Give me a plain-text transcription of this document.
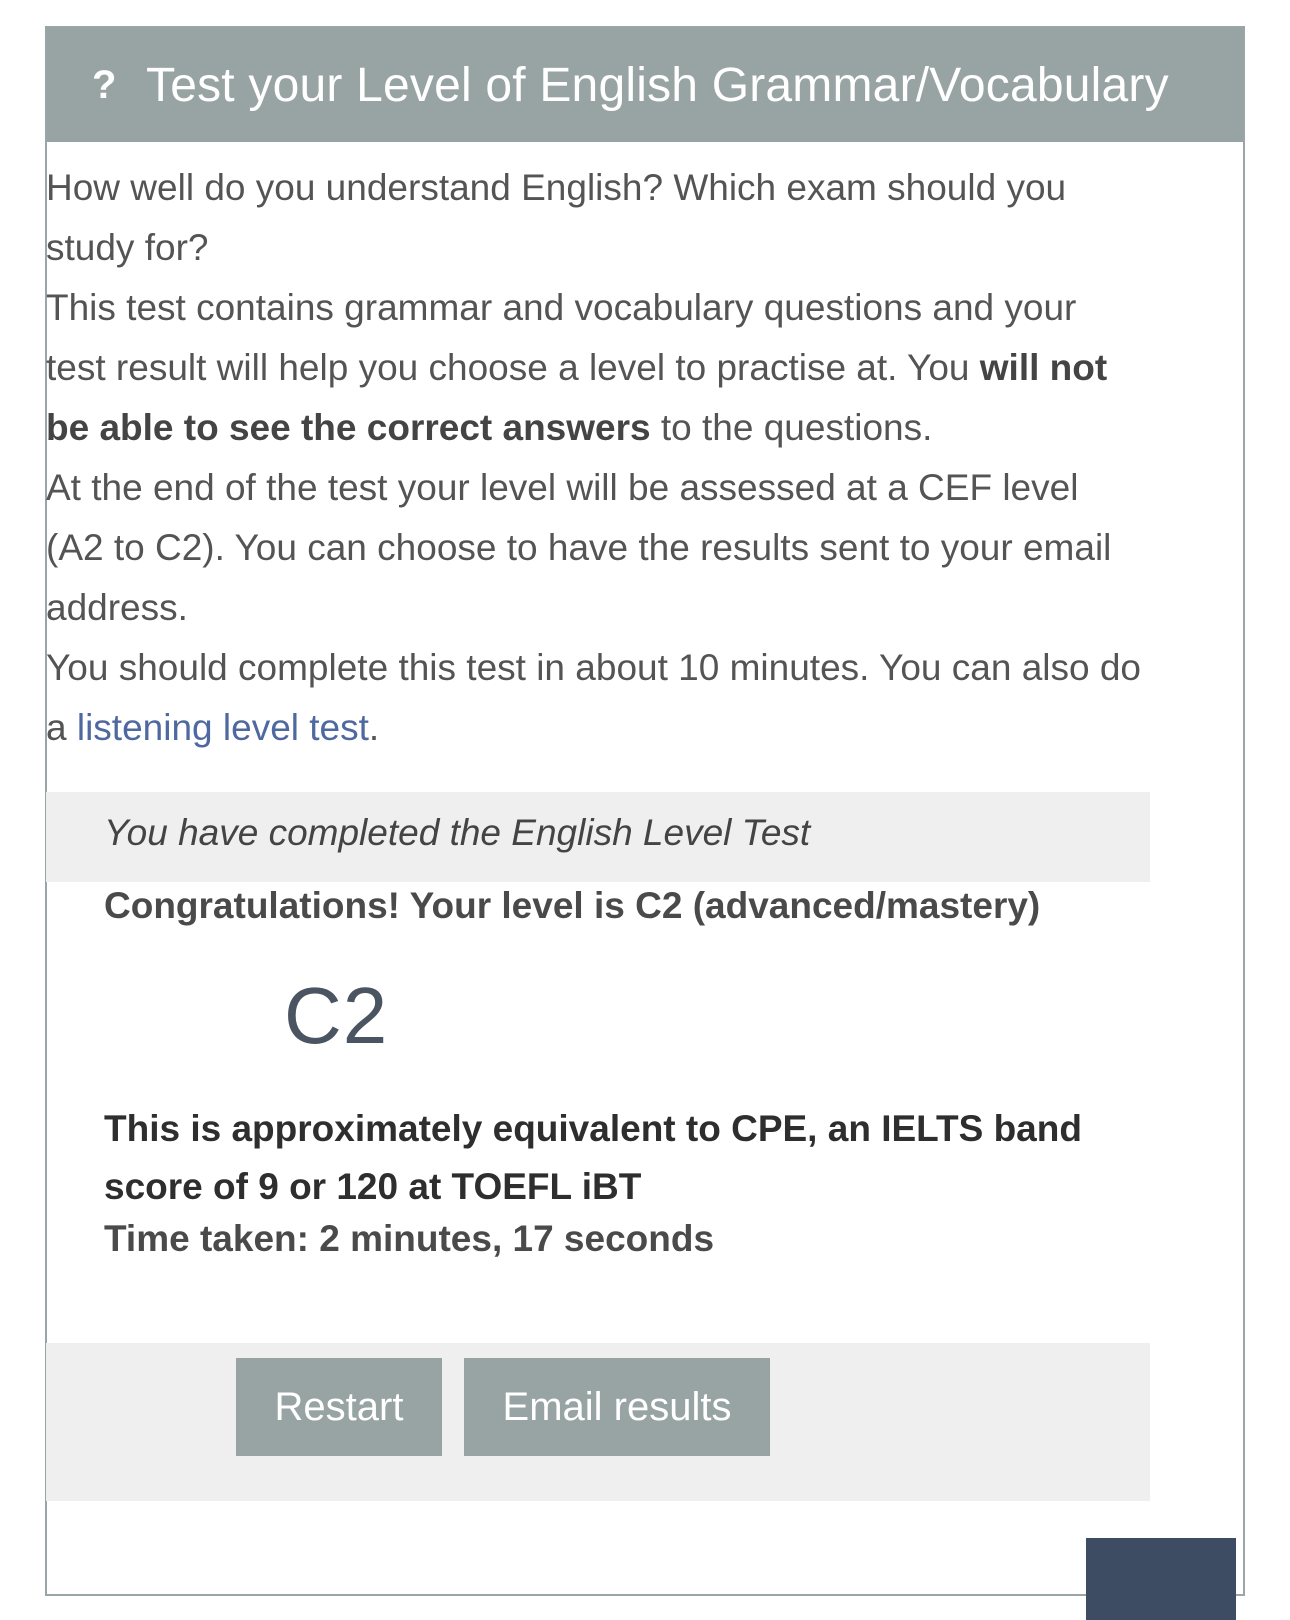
? Test your Level of English Grammar/Vocabulary

How well do you understand English? Which exam should you study for?

This test contains grammar and vocabulary questions and your test result will help you choose a level to practise at. You will not be able to see the correct answers to the questions.

At the end of the test your level will be assessed at a CEF level (A2 to C2). You can choose to have the results sent to your email address.

You should complete this test in about 10 minutes. You can also do a listening level test.

You have completed the English Level Test
Congratulations! Your level is C2 (advanced/mastery)
C2
This is approximately equivalent to CPE, an IELTS band score of 9 or 120 at TOEFL iBT
Time taken: 2 minutes, 17 seconds
Restart	Email results
